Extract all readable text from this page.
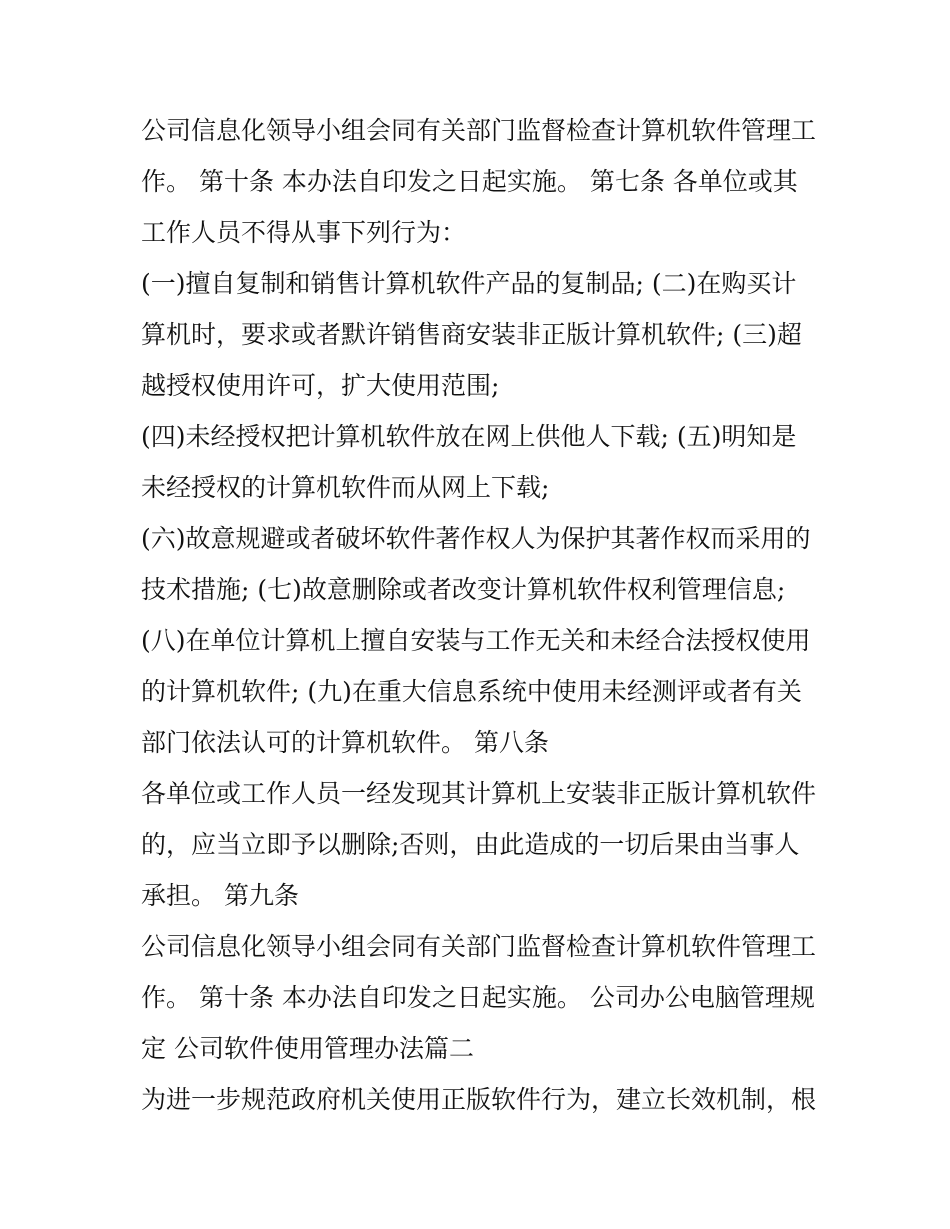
公司信息化领导小组会同有关部门监督检查计算机软件管理工
作。 第十条 本办法自印发之日起实施。 第七条 各单位或其
工作人员不得从事下列行为：
(一)擅自复制和销售计算机软件产品的复制品; (二)在购买计
算机时，要求或者默许销售商安装非正版计算机软件; (三)超
越授权使用许可，扩大使用范围;
(四)未经授权把计算机软件放在网上供他人下载; (五)明知是
未经授权的计算机软件而从网上下载;
(六)故意规避或者破坏软件著作权人为保护其著作权而采用的
技术措施; (七)故意删除或者改变计算机软件权利管理信息;
(八)在单位计算机上擅自安装与工作无关和未经合法授权使用
的计算机软件; (九)在重大信息系统中使用未经测评或者有关
部门依法认可的计算机软件。 第八条
各单位或工作人员一经发现其计算机上安装非正版计算机软件
的，应当立即予以删除;否则，由此造成的一切后果由当事人
承担。 第九条
公司信息化领导小组会同有关部门监督检查计算机软件管理工
作。 第十条 本办法自印发之日起实施。 公司办公电脑管理规
定 公司软件使用管理办法篇二
为进一步规范政府机关使用正版软件行为，建立长效机制，根
